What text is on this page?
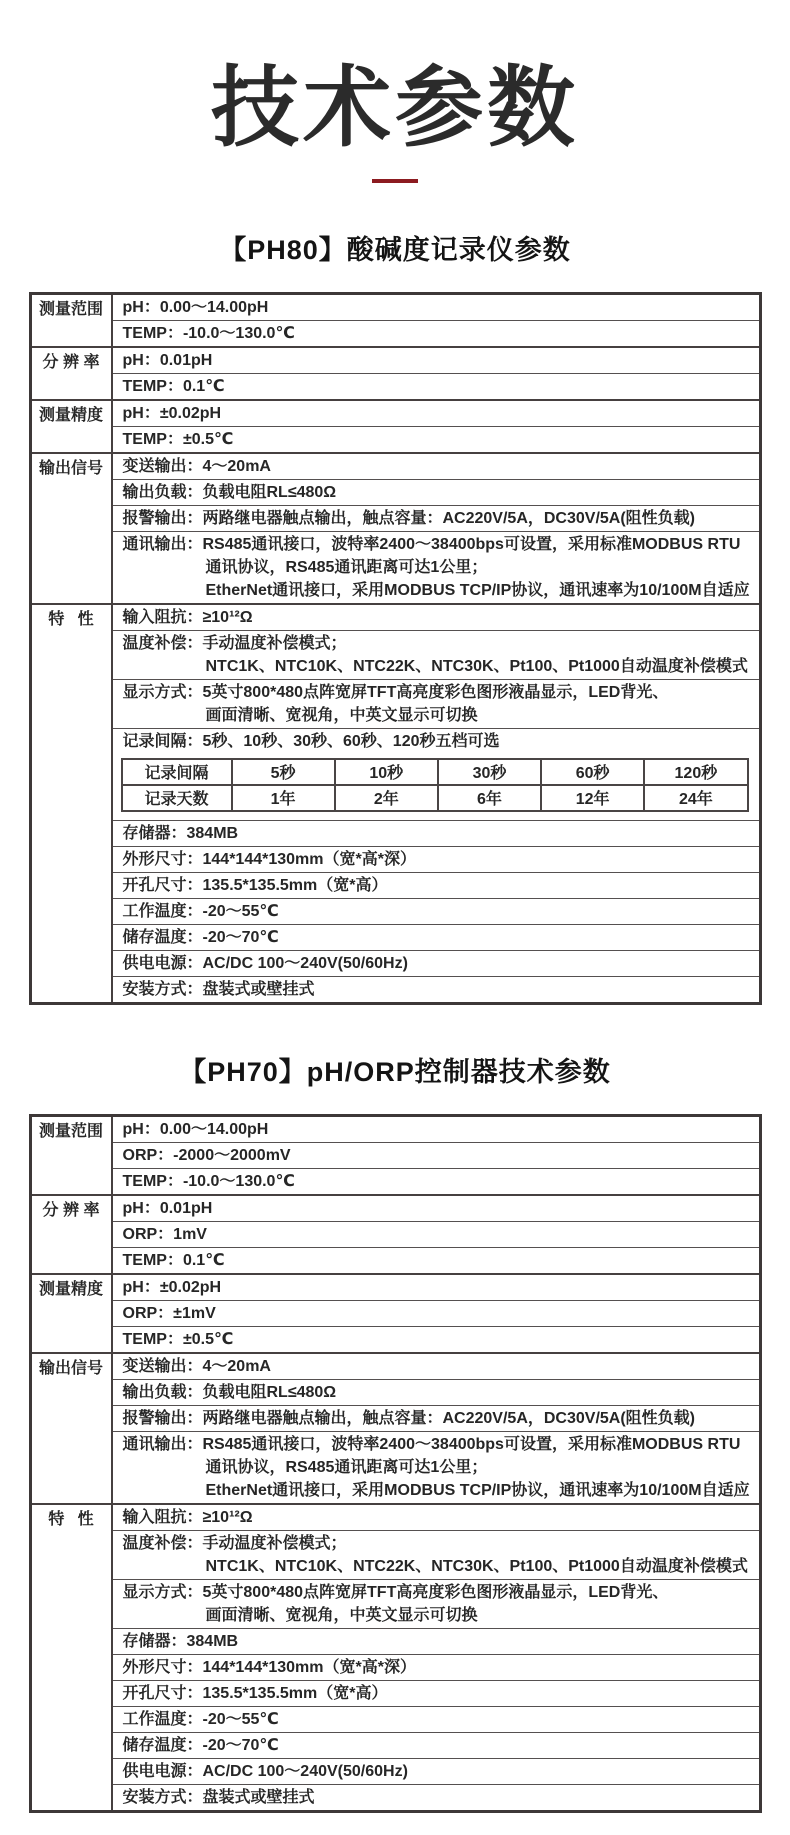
技术参数
【PH80】酸碱度记录仪参数
测量范围	pH：0.00～14.00pH
TEMP：-10.0～130.0℃
分 辨 率	pH：0.01pH
TEMP：0.1℃
测量精度	pH：±0.02pH
TEMP：±0.5℃
输出信号	变送输出：4～20mA
输出负载：负载电阻RL≤480Ω
报警输出：两路继电器触点输出，触点容量：AC220V/5A，DC30V/5A(阻性负载)
通讯输出：RS485通讯接口，波特率2400～38400bps可设置，采用标准MODBUS RTU
通讯协议，RS485通讯距离可达1公里；
EtherNet通讯接口，采用MODBUS TCP/IP协议，通讯速率为10/100M自适应
特   性	输入阻抗：≥10¹²Ω
温度补偿：手动温度补偿模式；
NTC1K、NTC10K、NTC22K、NTC30K、Pt100、Pt1000自动温度补偿模式
显示方式：5英寸800*480点阵宽屏TFT高亮度彩色图形液晶显示，LED背光、
画面清晰、宽视角，中英文显示可切换
记录间隔：5秒、10秒、30秒、60秒、120秒五档可选
记录间隔	5秒	10秒	30秒	60秒	120秒
记录天数	1年	2年	6年	12年	24年
存储器：384MB
外形尺寸：144*144*130mm（宽*高*深）
开孔尺寸：135.5*135.5mm（宽*高）
工作温度：-20～55℃
储存温度：-20～70℃
供电电源：AC/DC 100～240V(50/60Hz)
安装方式：盘装式或壁挂式
【PH70】pH/ORP控制器技术参数
测量范围	pH：0.00～14.00pH
ORP：-2000～2000mV
TEMP：-10.0～130.0℃
分 辨 率	pH：0.01pH
ORP：1mV
TEMP：0.1℃
测量精度	pH：±0.02pH
ORP：±1mV
TEMP：±0.5℃
输出信号	变送输出：4～20mA
输出负载：负载电阻RL≤480Ω
报警输出：两路继电器触点输出，触点容量：AC220V/5A，DC30V/5A(阻性负载)
通讯输出：RS485通讯接口，波特率2400～38400bps可设置，采用标准MODBUS RTU
通讯协议，RS485通讯距离可达1公里；
EtherNet通讯接口，采用MODBUS TCP/IP协议，通讯速率为10/100M自适应
特   性	输入阻抗：≥10¹²Ω
温度补偿：手动温度补偿模式；
NTC1K、NTC10K、NTC22K、NTC30K、Pt100、Pt1000自动温度补偿模式
显示方式：5英寸800*480点阵宽屏TFT高亮度彩色图形液晶显示，LED背光、
画面清晰、宽视角，中英文显示可切换
存储器：384MB
外形尺寸：144*144*130mm（宽*高*深）
开孔尺寸：135.5*135.5mm（宽*高）
工作温度：-20～55℃
储存温度：-20～70℃
供电电源：AC/DC 100～240V(50/60Hz)
安装方式：盘装式或壁挂式
